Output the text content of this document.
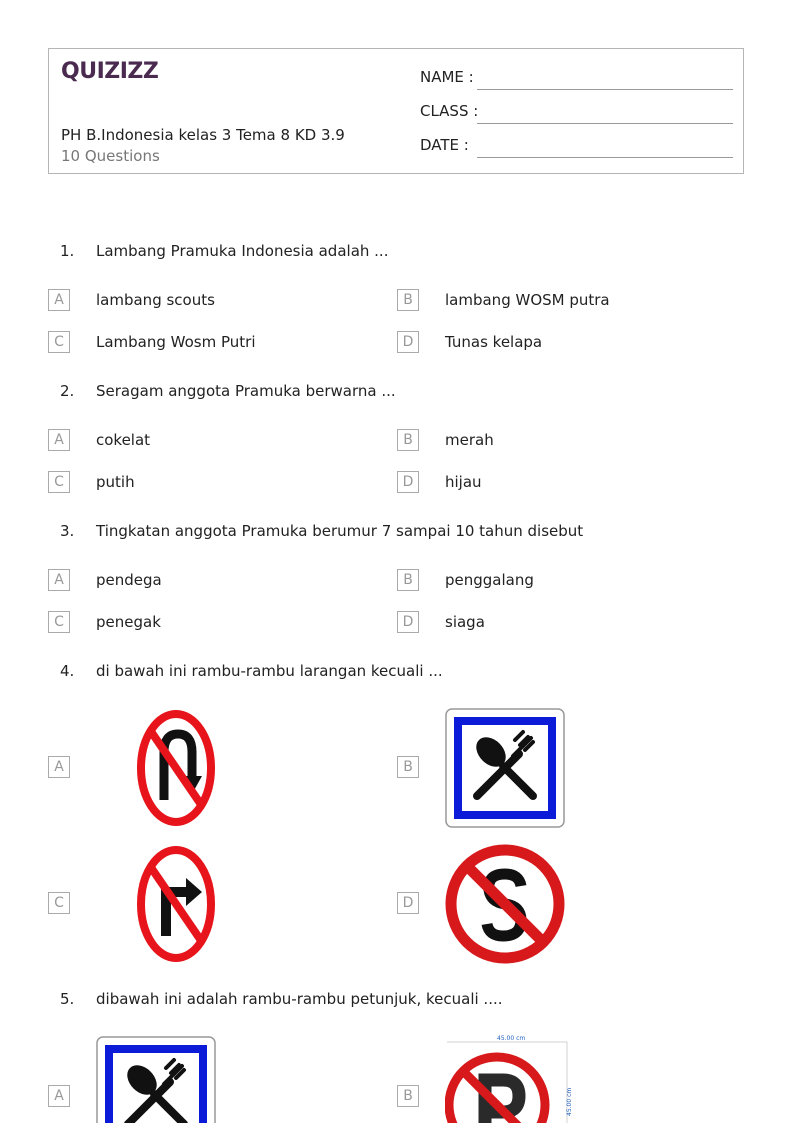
QUIZIZZ
PH B.Indonesia kelas 3 Tema 8 KD 3.9
10 Questions
NAME :
CLASS :
DATE :
1. Lambang Pramuka Indonesia adalah ...
A	lambang scouts	B	lambang WOSM putra
C	Lambang Wosm Putri	D	Tunas kelapa
2. Seragam anggota Pramuka berwarna ...
A	cokelat	B	merah
C	putih	D	hijau
3. Tingkatan anggota Pramuka berumur 7 sampai 10 tahun disebut
A	pendega	B	penggalang
C	penegak	D	siaga
4. di bawah ini rambu-rambu larangan kecuali ...
A	B
C	D
5. dibawah ini adalah rambu-rambu petunjuk, kecuali ....
A	B
45.00 cm
45.00 cm
